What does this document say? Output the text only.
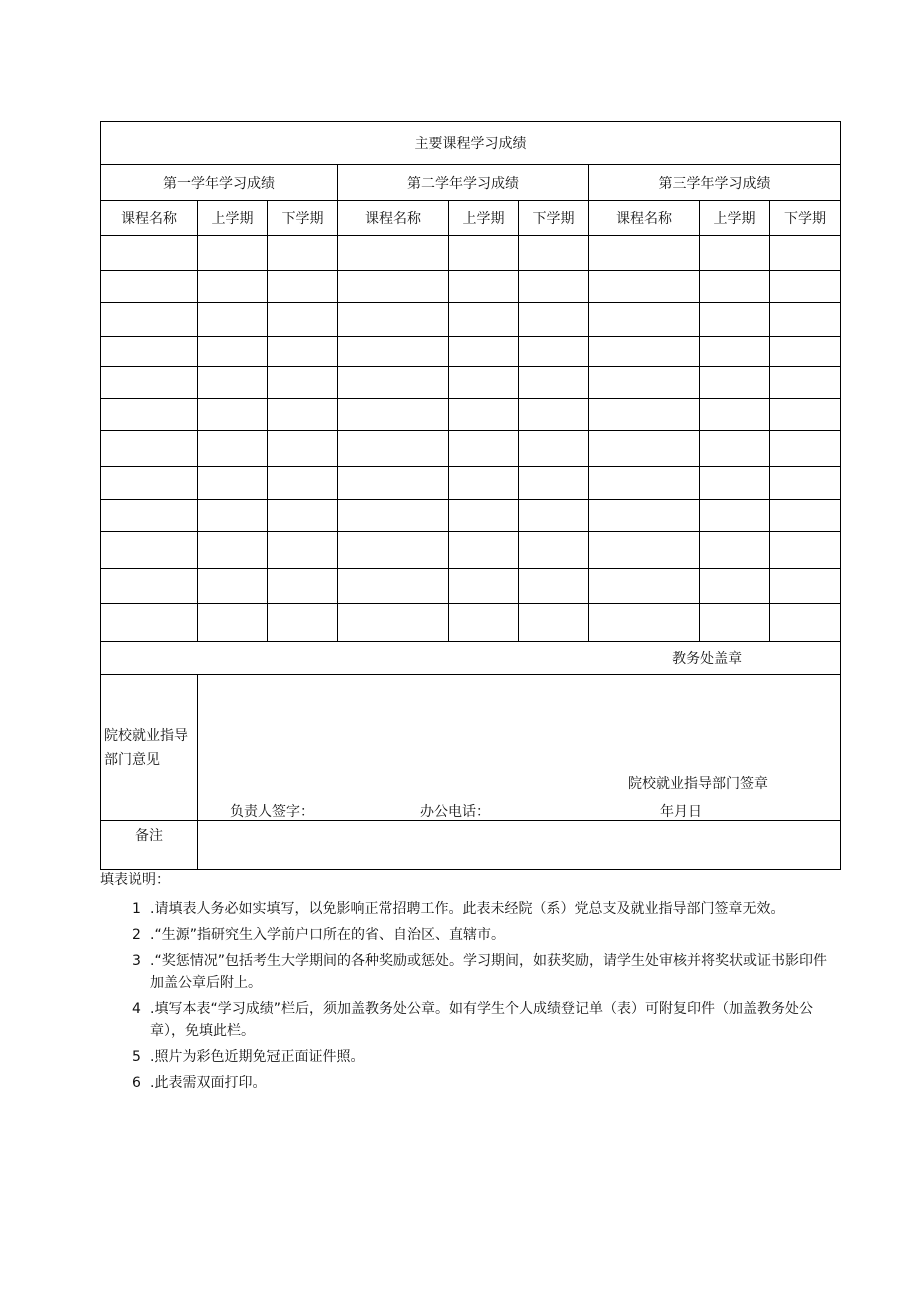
主要课程学习成绩								
第一学年学习成绩			第二学年学习成绩			第三学年学习成绩		
课程名称	上学期	下学期	课程名称	上学期	下学期	课程名称	上学期	下学期

教务处盖章								
院校就业指导部门意见	院校就业指导部门签章
负责人签字： 办公电话： 年月日							

备注								
填表说明：
1 .请填表人务必如实填写，以免影响正常招聘工作。此表未经院（系）党总支及就业指导部门签章无效。
2 .“生源”指研究生入学前户口所在的省、自治区、直辖市。
3 .“奖惩情况”包括考生大学期间的各种奖励或惩处。学习期间，如获奖励，请学生处审核并将奖状或证书影印件加盖公章后附上。
4 .填写本表“学习成绩”栏后，须加盖教务处公章。如有学生个人成绩登记单（表）可附复印件（加盖教务处公章），免填此栏。
5 .照片为彩色近期免冠正面证件照。
6 .此表需双面打印。
